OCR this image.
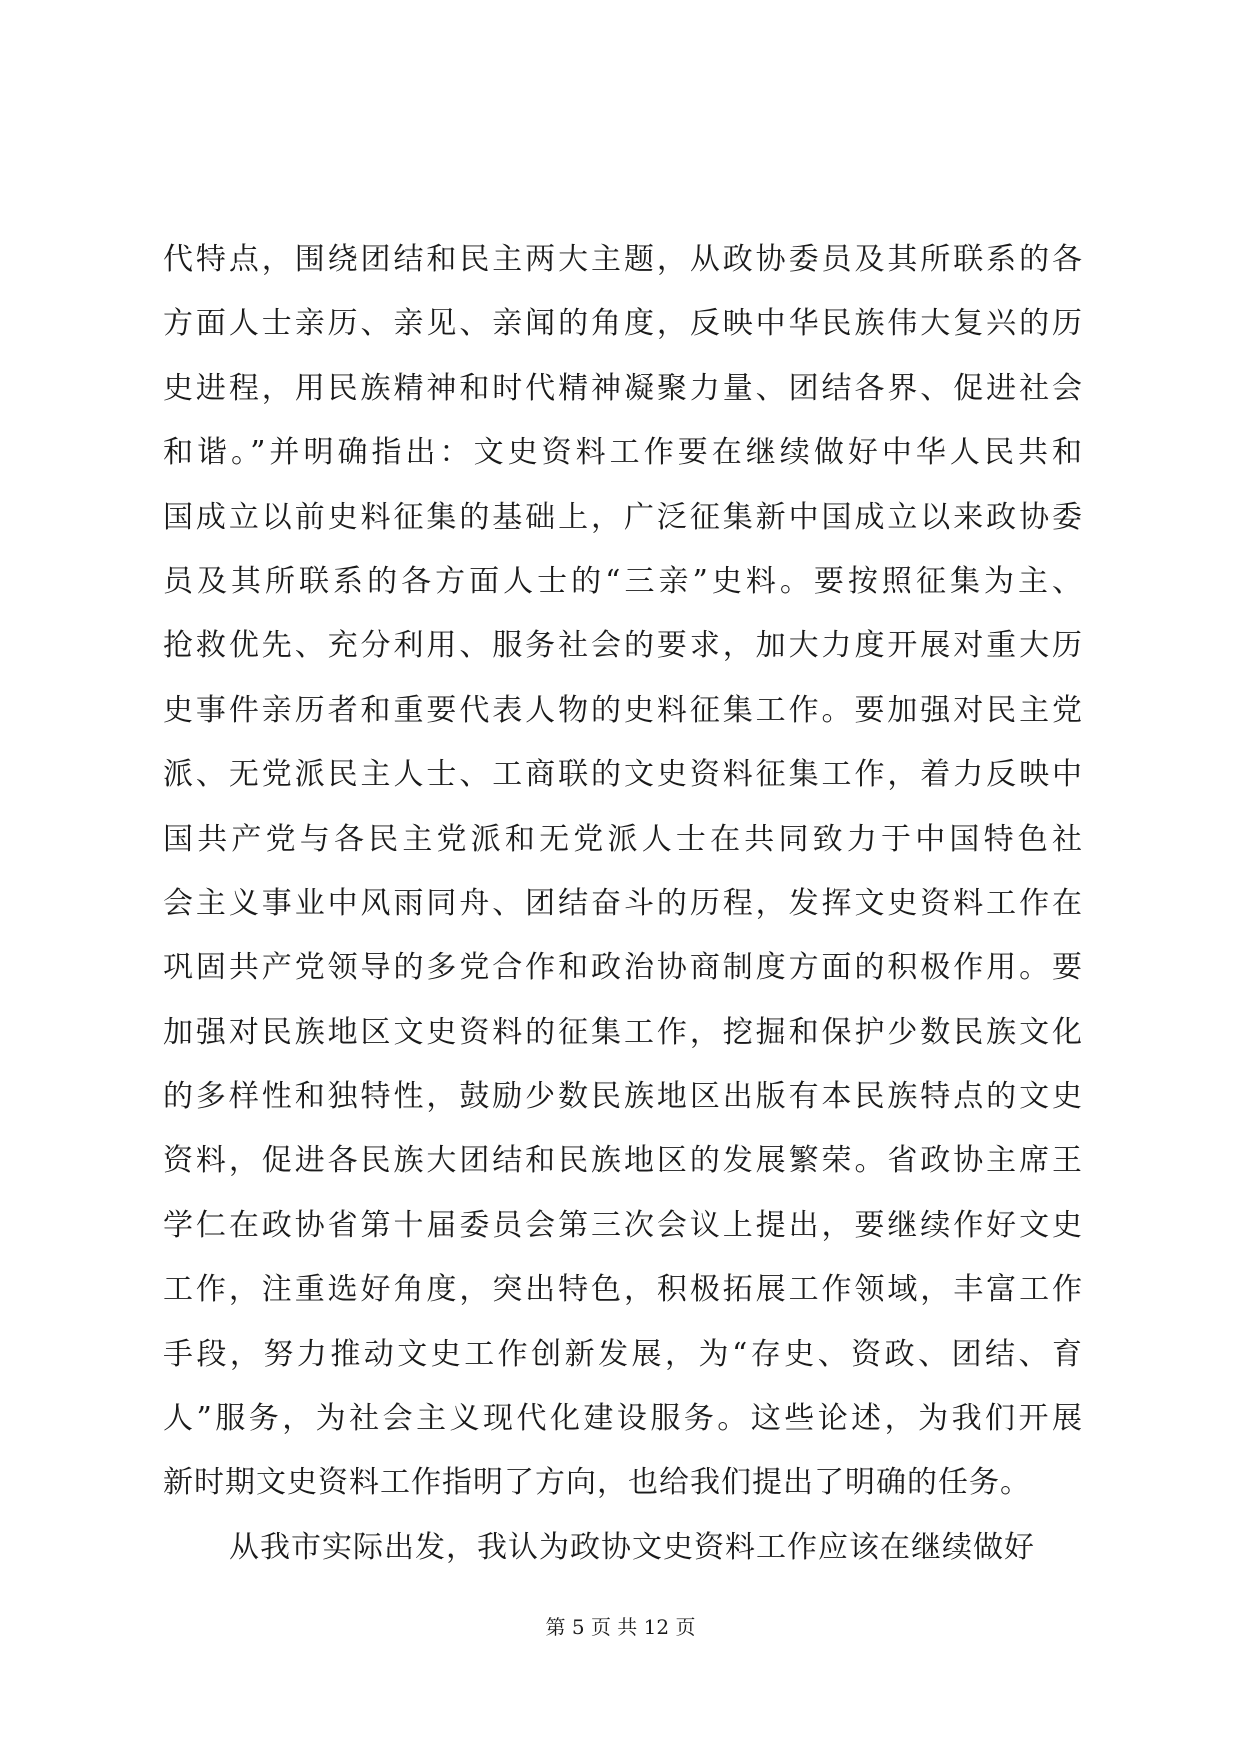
代特点，围绕团结和民主两大主题，从政协委员及其所联系的各
方面人士亲历、亲见、亲闻的角度，反映中华民族伟大复兴的历
史进程，用民族精神和时代精神凝聚力量、团结各界、促进社会
和谐。”并明确指出：文史资料工作要在继续做好中华人民共和
国成立以前史料征集的基础上，广泛征集新中国成立以来政协委
员及其所联系的各方面人士的“三亲”史料。要按照征集为主、
抢救优先、充分利用、服务社会的要求，加大力度开展对重大历
史事件亲历者和重要代表人物的史料征集工作。要加强对民主党
派、无党派民主人士、工商联的文史资料征集工作，着力反映中
国共产党与各民主党派和无党派人士在共同致力于中国特色社
会主义事业中风雨同舟、团结奋斗的历程，发挥文史资料工作在
巩固共产党领导的多党合作和政治协商制度方面的积极作用。要
加强对民族地区文史资料的征集工作，挖掘和保护少数民族文化
的多样性和独特性，鼓励少数民族地区出版有本民族特点的文史
资料，促进各民族大团结和民族地区的发展繁荣。省政协主席王
学仁在政协省第十届委员会第三次会议上提出，要继续作好文史
工作，注重选好角度，突出特色，积极拓展工作领域，丰富工作
手段，努力推动文史工作创新发展，为“存史、资政、团结、育
人”服务，为社会主义现代化建设服务。这些论述，为我们开展
新时期文史资料工作指明了方向，也给我们提出了明确的任务。
从我市实际出发，我认为政协文史资料工作应该在继续做好
第 5 页 共 12 页
